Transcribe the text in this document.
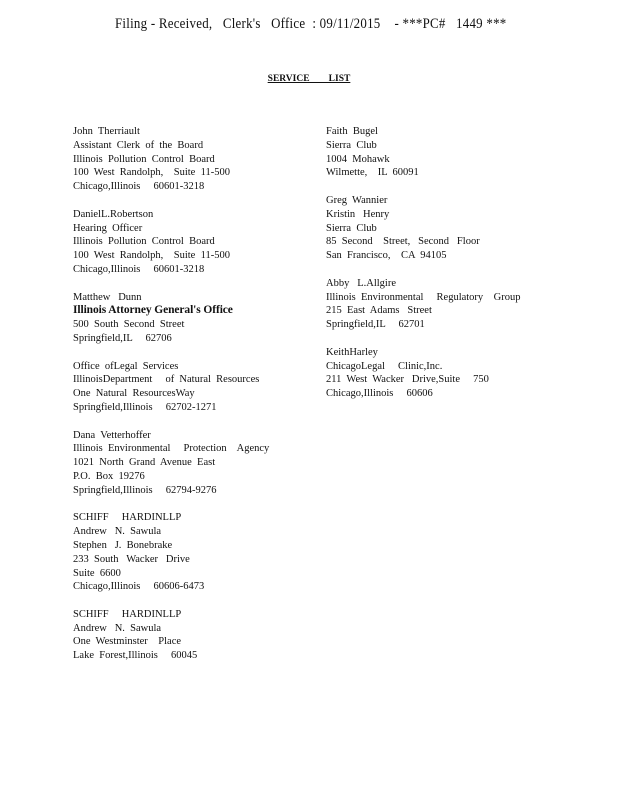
Filing - Received,   Clerk's   Office  : 09/11/2015    - ***PC#   1449 ***
SERVICE   LIST
John  Therriault
Assistant  Clerk  of  the  Board
Illinois  Pollution  Control  Board
100  West  Randolph,    Suite  11-500
Chicago,Illinois     60601-3218
DanielL.Robertson
Hearing  Officer
Illinois  Pollution  Control  Board
100  West  Randolph,    Suite  11-500
Chicago,Illinois     60601-3218
Matthew   Dunn
Illinois Attorney General's Office
500  South  Second  Street
Springfield,IL     62706
Office  ofLegal  Services
IllinoisDepartment     of  Natural  Resources
One  Natural  ResourcesWay
Springfield,Illinois     62702-1271
Dana  Vetterhoffer
Illinois  Environmental     Protection    Agency
1021  North  Grand  Avenue  East
P.O.  Box  19276
Springfield,Illinois     62794-9276
SCHIFF     HARDINLLP
Andrew   N.  Sawula
Stephen   J.  Bonebrake
233  South   Wacker   Drive
Suite  6600
Chicago,Illinois     60606-6473
SCHIFF     HARDINLLP
Andrew   N.  Sawula
One  Westminster    Place
Lake  Forest,Illinois     60045
Faith  Bugel
Sierra  Club
1004  Mohawk
Wilmette,    IL  60091
Greg  Wannier
Kristin   Henry
Sierra  Club
85  Second    Street,   Second   Floor
San  Francisco,    CA  94105
Abby   L.Allgire
Illinois  Environmental     Regulatory    Group
215  East  Adams   Street
Springfield,IL     62701
KeithHarley
ChicagoLegal     Clinic,Inc.
211  West  Wacker   Drive,Suite     750
Chicago,Illinois     60606
